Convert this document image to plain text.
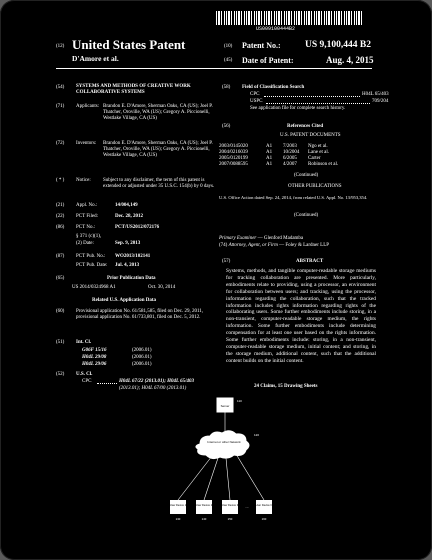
US009100444B2
(12) United States Patent
D'Amore et al.
(10) Patent No.:	US 9,100,444 B2
(45) Date of Patent:	Aug. 4, 2015
(54)	SYSTEMS AND METHODS OF CREATIVE WORK COLLABORATIVE SYSTEMS
(71)	Applicants: Brandon E. D'Amore, Sherman Oaks, CA (US); Joel P. Thatcher, Oroville, WA (US); Gregory A. Piccionelli, Westlake Village, CA (US)
(72)	Inventors: Brandon E. D'Amore, Sherman Oaks, CA (US); Joel P. Thatcher, Oroville, WA (US); Gregory A. Piccionelli, Westlake Village, CA (US)
( * )	Notice: Subject to any disclaimer, the term of this patent is extended or adjusted under 35 U.S.C. 154(b) by 0 days.
(21)	Appl. No.:	14/004,149
(22)	PCT Filed:	Dec. 28, 2012
(86)	PCT No.:	PCT/US2012/072176
§ 371 (c)(1),
(2) Date:	Sep. 9, 2013
(87)	PCT Pub. No.: WO2013/102141
PCT Pub. Date: Jul. 4, 2013
(65)	Prior Publication Data
US 2014/0324968 A1	Oct. 30, 2014
Related U.S. Application Data
(60)	Provisional application No. 61/581,585, filed on Dec. 29, 2011, provisional application No. 61/733,801, filed on Dec. 5, 2012.
(51)	Int. Cl.
G06F 15/16	(2006.01)
H04L 29/08	(2006.01)
H04L 29/06	(2006.01)
(52)	U.S. Cl.
CPC	H04L 67/22 (2013.01); H04L 65/403
(2013.01); H04L 67/00 (2013.01)
(58)	Field of Classification Search
CPC	H04L 65/403
USPC	709/204
See application file for complete search history.
(56)	References Cited
U.S. PATENT DOCUMENTS
2003/0145020	A1 7/2003 Ngo et al.
2004/0216039	A1 10/2004 Lane et al.
2005/0120199	A1 6/2005 Carter
2007/0088595	A1 4/2007 Robinson et al.
(Continued)
OTHER PUBLICATIONS
U.S. Office Action dated Sep. 24, 2014, from related U.S. Appl. No. 13/953,354.
(Continued)
Primary Examiner — Glenford Madamba
(74) Attorney, Agent, or Firm — Foley & Lardner LLP
(57)	ABSTRACT
Systems, methods, and tangible computer-readable storage mediums for tracking collaboration are presented. More particularly, embodiments relate to providing, using a processor, an environment for collaboration between users; and tracking, using the processor, information regarding the collaboration, such that the tracked information includes rights information regarding rights of the collaborating users. Some further embodiments include storing, in a non-transient, computer-readable storage medium, the rights information. Some further embodiments include determining compensation for at least one user based on the rights information. Some further embodiments include: storing, in a non-transient, computer-readable storage medium, initial content; and storing, in the storage medium, additional content, such that the additional content builds on the initial content.
24 Claims, 15 Drawing Sheets
Server
110
Internet or other Network
120
User Device 1
130
User Device 2
140
User Device 3
150
...	User Device N
160
